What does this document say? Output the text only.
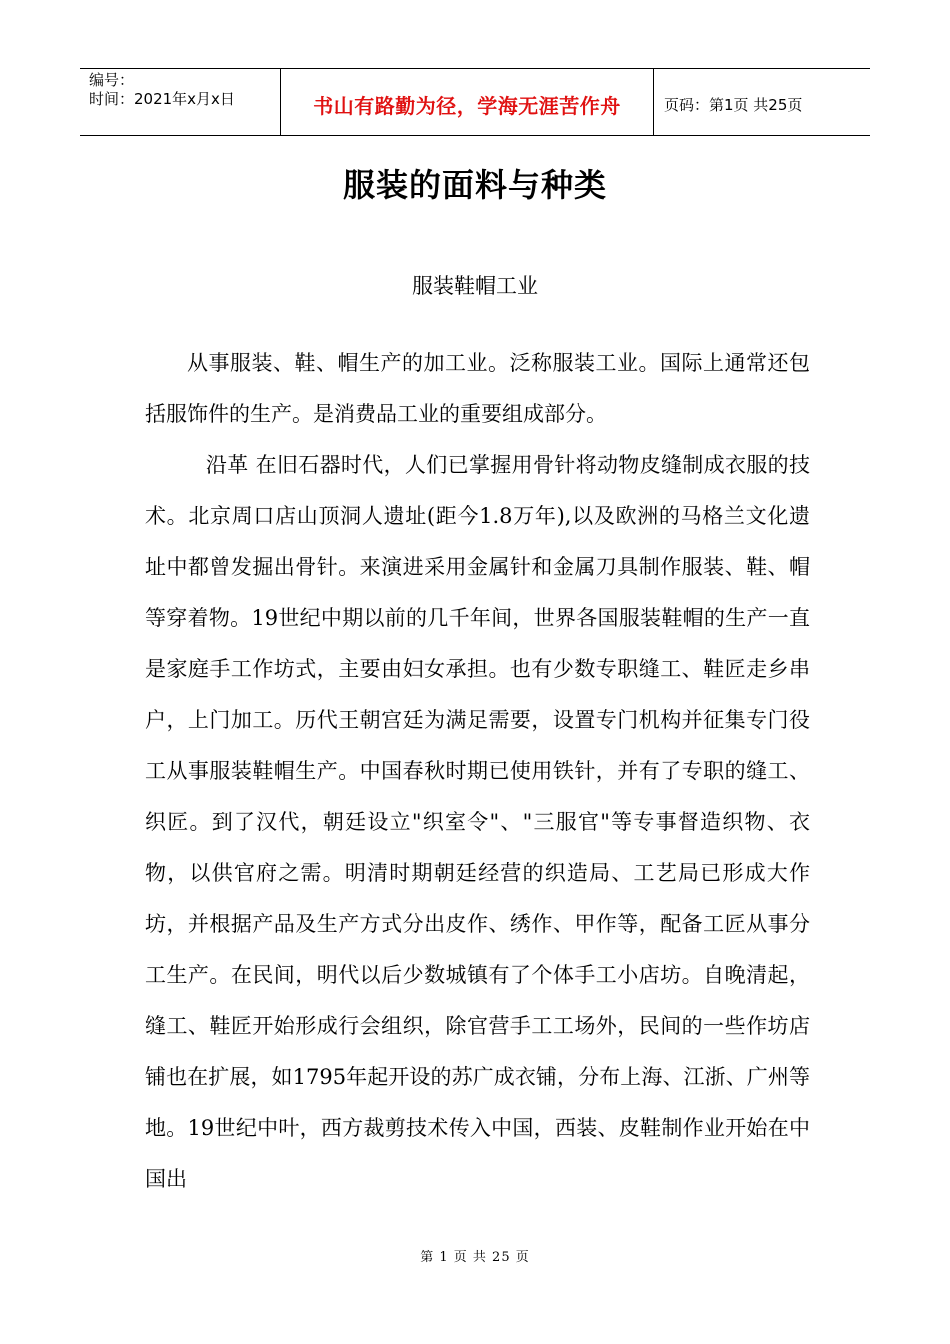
编号：
时间：2021年x月x日	书山有路勤为径，学海无涯苦作舟	页码：第1页 共25页
服装的面料与种类
服装鞋帽工业

从事服装、鞋、帽生产的加工业。泛称服装工业。国际上通常还包括服饰件的生产。是消费品工业的重要组成部分。

沿革 在旧石器时代，人们已掌握用骨针将动物皮缝制成衣服的技术。北京周口店山顶洞人遗址(距今1.8万年),以及欧洲的马格兰文化遗址中都曾发掘出骨针。来演进采用金属针和金属刀具制作服装、鞋、帽等穿着物。19世纪中期以前的几千年间，世界各国服装鞋帽的生产一直是家庭手工作坊式，主要由妇女承担。也有少数专职缝工、鞋匠走乡串户，上门加工。历代王朝宫廷为满足需要，设置专门机构并征集专门役工从事服装鞋帽生产。中国春秋时期已使用铁针，并有了专职的缝工、织匠。到了汉代，朝廷设立"织室令"、"三服官"等专事督造织物、衣物，以供官府之需。明清时期朝廷经营的织造局、工艺局已形成大作坊，并根据产品及生产方式分出皮作、绣作、甲作等，配备工匠从事分工生产。在民间，明代以后少数城镇有了个体手工小店坊。自晚清起，缝工、鞋匠开始形成行会组织，除官营手工工场外，民间的一些作坊店铺也在扩展，如1795年起开设的苏广成衣铺，分布上海、江浙、广州等地。19世纪中叶，西方裁剪技术传入中国，西装、皮鞋制作业开始在中国出

第 1 页 共 25 页
